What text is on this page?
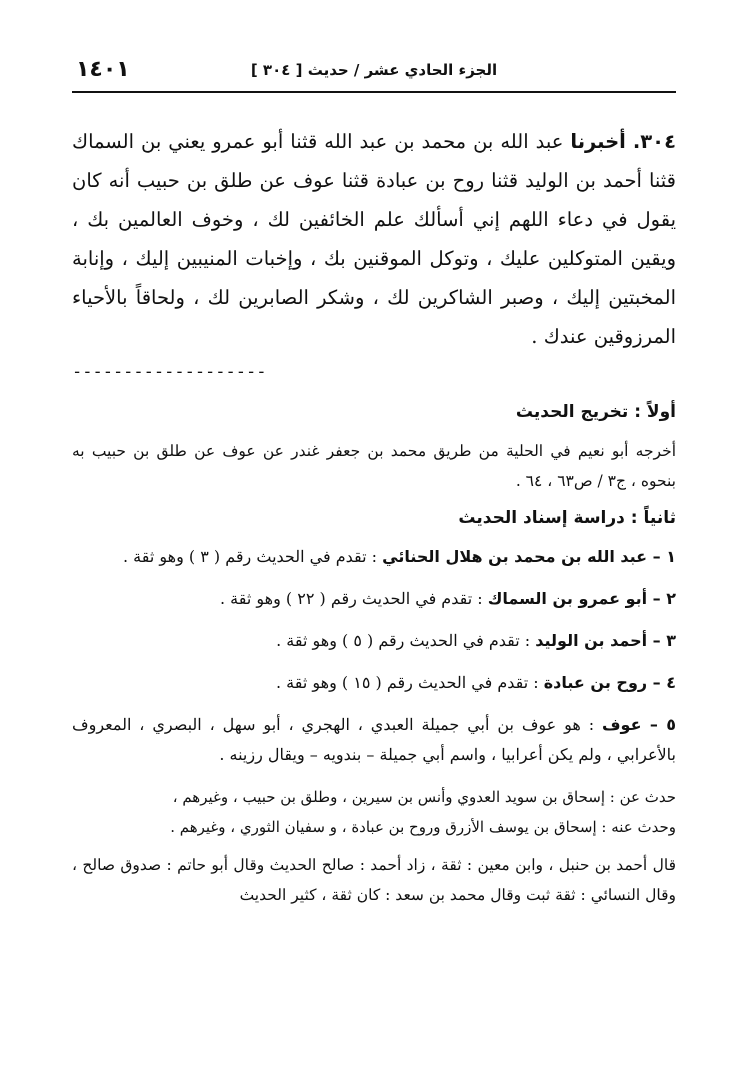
١٤٠١	الجزء الحادي عشر / حديث [ ٣٠٤ ]

٣٠٤. أخبرنا عبد الله بن محمد بن عبد الله قثنا أبو عمرو يعني بن السماك قثنا أحمد بن الوليد قثنا روح بن عبادة قثنا عوف عن طلق بن حبيب أنه كان يقول في دعاء اللهم إني أسألك علم الخائفين لك ، وخوف العالمين بك ، ويقين المتوكلين عليك ، وتوكل الموقنين بك ، وإخبات المنيبين إليك ، وإنابة المخبتين إليك ، وصبر الشاكرين لك ، وشكر الصابرين لك ، ولحاقاً بالأحياء المرزوقين عندك .

-------------------
أولاً : تخريج الحديث

أخرجه أبو نعيم في الحلية من طريق محمد بن جعفر غندر عن عوف عن طلق بن حبيب به بنحوه ، ج٣ / ص٦٣ ، ٦٤ .

ثانياً : دراسة إسناد الحديث

١ – عبد الله بن محمد بن هلال الحنائي : تقدم في الحديث رقم ( ٣ ) وهو ثقة .

٢ – أبو عمرو بن السماك : تقدم في الحديث رقم ( ٢٢ ) وهو ثقة .

٣ – أحمد بن الوليد : تقدم في الحديث رقم ( ٥ ) وهو ثقة .

٤ – روح بن عبادة : تقدم في الحديث رقم ( ١٥ ) وهو ثقة .

٥ – عوف : هو عوف بن أبي جميلة العبدي ، الهجري ، أبو سهل ، البصري ، المعروف بالأعرابي ، ولم يكن أعرابيا ، واسم أبي جميلة – بندويه – ويقال رزينه .

حدث عن : إسحاق بن سويد العدوي وأنس بن سيرين ، وطلق بن حبيب ، وغيرهم ،
وحدث عنه : إسحاق بن يوسف الأزرق وروح بن عبادة ، و سفيان الثوري ، وغيرهم .

قال أحمد بن حنبل ، وابن معين : ثقة ، زاد أحمد : صالح الحديث وقال أبو حاتم : صدوق صالح ، وقال النسائي : ثقة ثبت وقال محمد بن سعد : كان ثقة ، كثير الحديث
